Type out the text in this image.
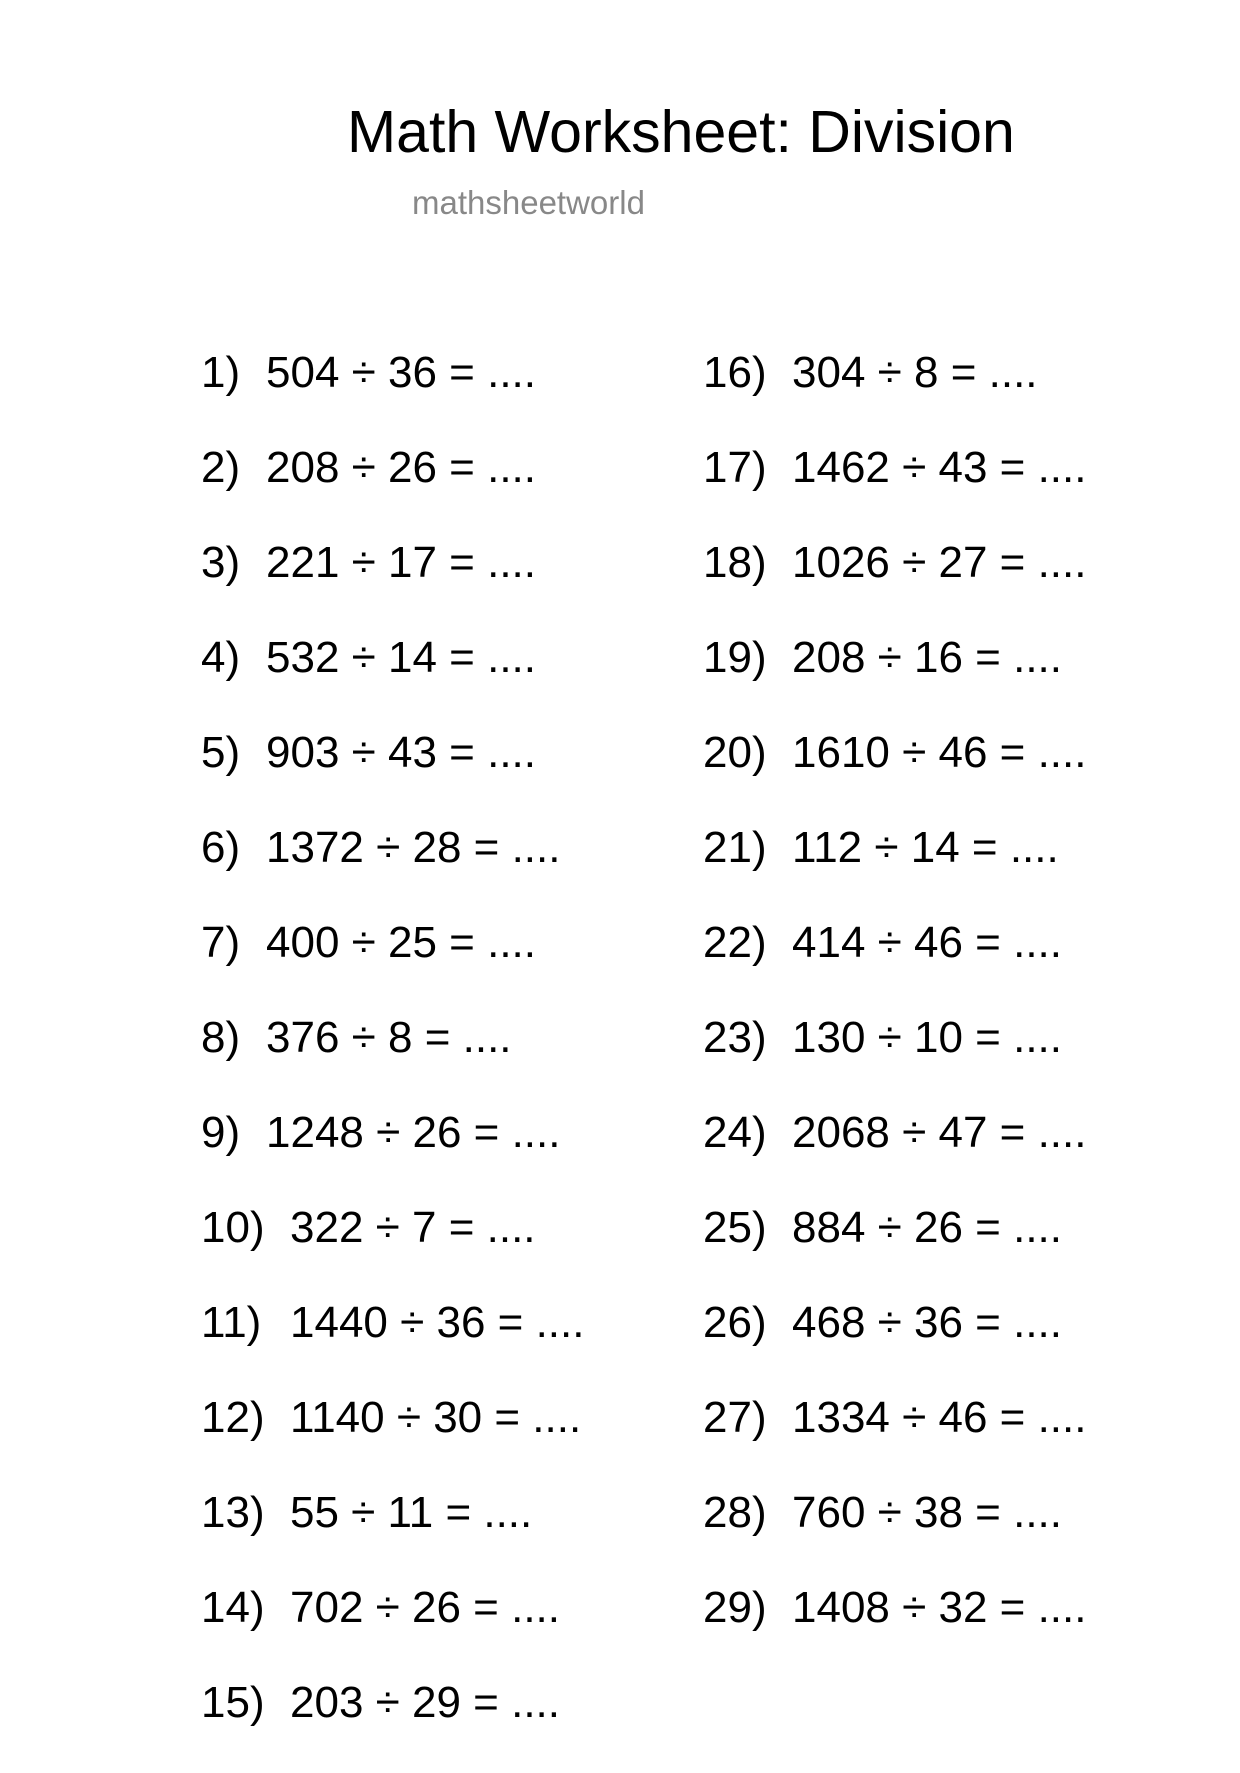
Math Worksheet: Division
mathsheetworld
1) 504 ÷ 36 = ....
2) 208 ÷ 26 = ....
3) 221 ÷ 17 = ....
4) 532 ÷ 14 = ....
5) 903 ÷ 43 = ....
6) 1372 ÷ 28 = ....
7) 400 ÷ 25 = ....
8) 376 ÷ 8 = ....
9) 1248 ÷ 26 = ....
10) 322 ÷ 7 = ....
11) 1440 ÷ 36 = ....
12) 1140 ÷ 30 = ....
13) 55 ÷ 11 = ....
14) 702 ÷ 26 = ....
15) 203 ÷ 29 = ....
16) 304 ÷ 8 = ....
17) 1462 ÷ 43 = ....
18) 1026 ÷ 27 = ....
19) 208 ÷ 16 = ....
20) 1610 ÷ 46 = ....
21) 112 ÷ 14 = ....
22) 414 ÷ 46 = ....
23) 130 ÷ 10 = ....
24) 2068 ÷ 47 = ....
25) 884 ÷ 26 = ....
26) 468 ÷ 36 = ....
27) 1334 ÷ 46 = ....
28) 760 ÷ 38 = ....
29) 1408 ÷ 32 = ....
